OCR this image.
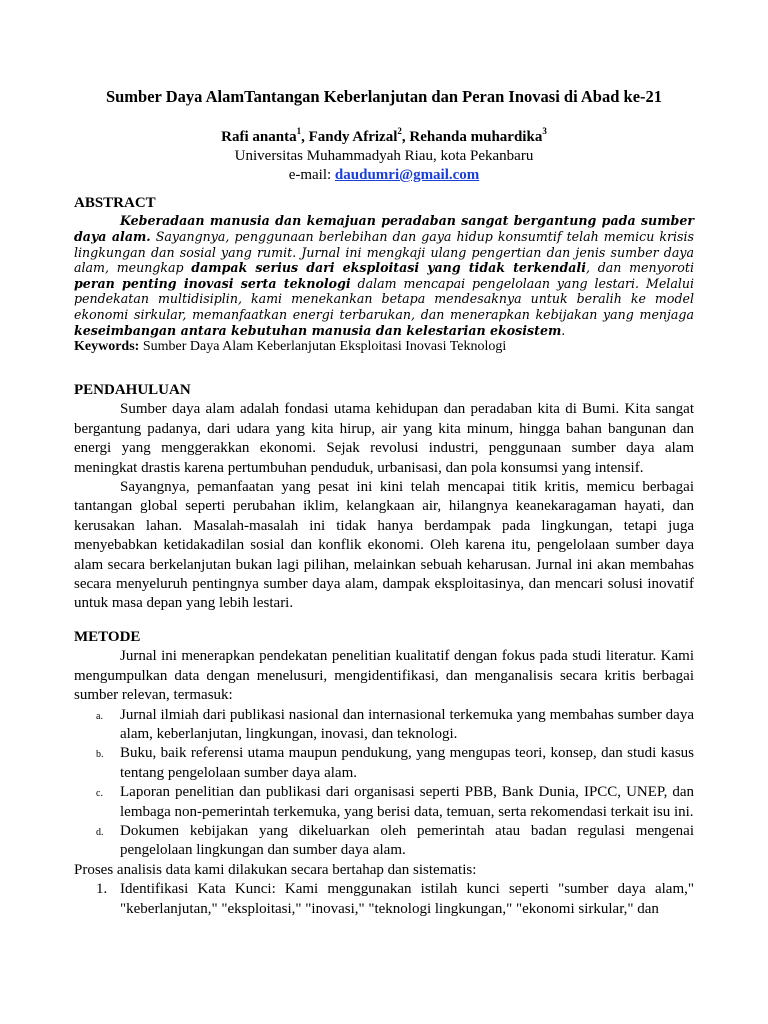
Sumber Daya AlamTantangan Keberlanjutan dan Peran Inovasi di Abad ke-21
Rafi ananta$^1$, Fandy Afrizal$^2$, Rehanda muhardika$^3$
Universitas Muhammadyah Riau, kota Pekanbaru
e-mail: daudumri@gmail.com
ABSTRACT

Keberadaan manusia dan kemajuan peradaban sangat bergantung pada sumber daya alam. Sayangnya, penggunaan berlebihan dan gaya hidup konsumtif telah memicu krisis lingkungan dan sosial yang rumit. Jurnal ini mengkaji ulang pengertian dan jenis sumber daya alam, meungkap dampak serius dari eksploitasi yang tidak terkendali, dan menyoroti peran penting inovasi serta teknologi dalam mencapai pengelolaan yang lestari. Melalui pendekatan multidisiplin, kami menekankan betapa mendesaknya untuk beralih ke model ekonomi sirkular, memanfaatkan energi terbarukan, dan menerapkan kebijakan yang menjaga keseimbangan antara kebutuhan manusia dan kelestarian ekosistem.

Keywords: Sumber Daya Alam Keberlanjutan Eksploitasi Inovasi Teknologi
PENDAHULUAN

Sumber daya alam adalah fondasi utama kehidupan dan peradaban kita di Bumi. Kita sangat bergantung padanya, dari udara yang kita hirup, air yang kita minum, hingga bahan bangunan dan energi yang menggerakkan ekonomi. Sejak revolusi industri, penggunaan sumber daya alam meningkat drastis karena pertumbuhan penduduk, urbanisasi, dan pola konsumsi yang intensif.

Sayangnya, pemanfaatan yang pesat ini kini telah mencapai titik kritis, memicu berbagai tantangan global seperti perubahan iklim, kelangkaan air, hilangnya keanekaragaman hayati, dan kerusakan lahan. Masalah-masalah ini tidak hanya berdampak pada lingkungan, tetapi juga menyebabkan ketidakadilan sosial dan konflik ekonomi. Oleh karena itu, pengelolaan sumber daya alam secara berkelanjutan bukan lagi pilihan, melainkan sebuah keharusan. Jurnal ini akan membahas secara menyeluruh pentingnya sumber daya alam, dampak eksploitasinya, dan mencari solusi inovatif untuk masa depan yang lebih lestari.

METODE

Jurnal ini menerapkan pendekatan penelitian kualitatif dengan fokus pada studi literatur. Kami mengumpulkan data dengan menelusuri, mengidentifikasi, dan menganalisis secara kritis berbagai sumber relevan, termasuk:

a. Jurnal ilmiah dari publikasi nasional dan internasional terkemuka yang membahas sumber daya alam, keberlanjutan, lingkungan, inovasi, dan teknologi.
b. Buku, baik referensi utama maupun pendukung, yang mengupas teori, konsep, dan studi kasus tentang pengelolaan sumber daya alam.
c. Laporan penelitian dan publikasi dari organisasi seperti PBB, Bank Dunia, IPCC, UNEP, dan lembaga non-pemerintah terkemuka, yang berisi data, temuan, serta rekomendasi terkait isu ini.
d. Dokumen kebijakan yang dikeluarkan oleh pemerintah atau badan regulasi mengenai pengelolaan lingkungan dan sumber daya alam.

Proses analisis data kami dilakukan secara bertahap dan sistematis:

1. Identifikasi Kata Kunci: Kami menggunakan istilah kunci seperti "sumber daya alam," "keberlanjutan," "eksploitasi," "inovasi," "teknologi lingkungan," "ekonomi sirkular," dan
